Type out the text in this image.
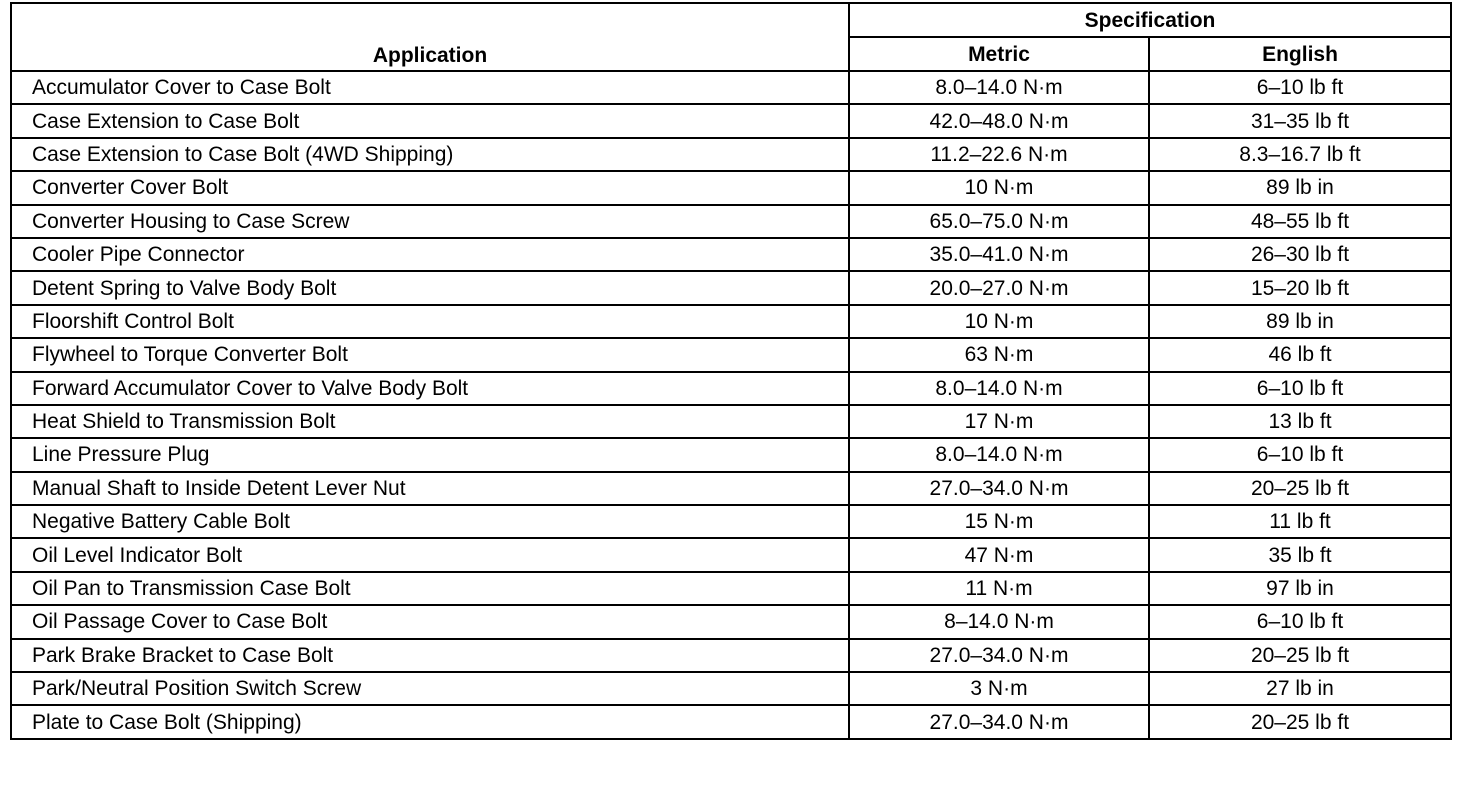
Application	Specification	
	Metric	English
Accumulator Cover to Case Bolt	8.0–14.0 N·m	6–10 lb ft
Case Extension to Case Bolt	42.0–48.0 N·m	31–35 lb ft
Case Extension to Case Bolt (4WD Shipping)	11.2–22.6 N·m	8.3–16.7 lb ft
Converter Cover Bolt	10 N·m	89 lb in
Converter Housing to Case Screw	65.0–75.0 N·m	48–55 lb ft
Cooler Pipe Connector	35.0–41.0 N·m	26–30 lb ft
Detent Spring to Valve Body Bolt	20.0–27.0 N·m	15–20 lb ft
Floorshift Control Bolt	10 N·m	89 lb in
Flywheel to Torque Converter Bolt	63 N·m	46 lb ft
Forward Accumulator Cover to Valve Body Bolt	8.0–14.0 N·m	6–10 lb ft
Heat Shield to Transmission Bolt	17 N·m	13 lb ft
Line Pressure Plug	8.0–14.0 N·m	6–10 lb ft
Manual Shaft to Inside Detent Lever Nut	27.0–34.0 N·m	20–25 lb ft
Negative Battery Cable Bolt	15 N·m	11 lb ft
Oil Level Indicator Bolt	47 N·m	35 lb ft
Oil Pan to Transmission Case Bolt	11 N·m	97 lb in
Oil Passage Cover to Case Bolt	8–14.0 N·m	6–10 lb ft
Park Brake Bracket to Case Bolt	27.0–34.0 N·m	20–25 lb ft
Park/Neutral Position Switch Screw	3 N·m	27 lb in
Plate to Case Bolt (Shipping)	27.0–34.0 N·m	20–25 lb ft
